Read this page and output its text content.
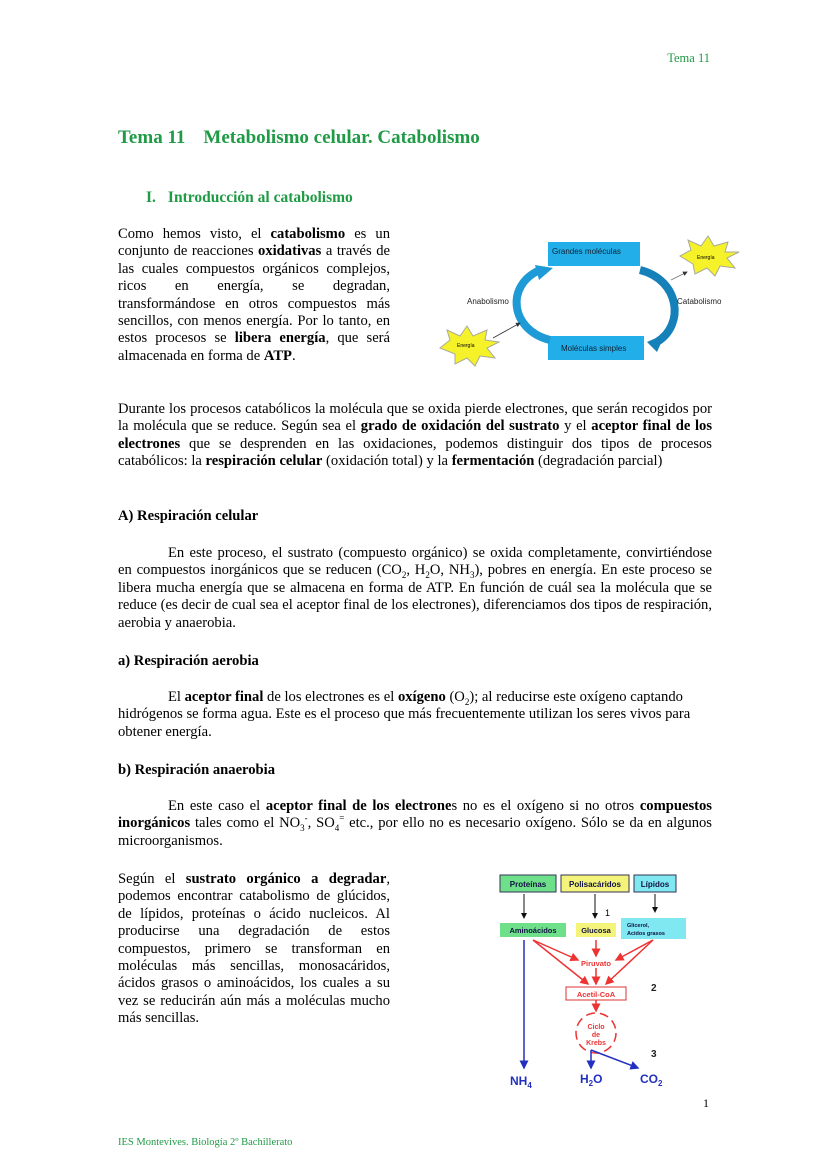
Tema 11
Tema 11 Metabolismo celular. Catabolismo
I. Introducción al catabolismo

Como hemos visto, el catabolismo es un conjunto de reacciones oxidativas a través de las cuales compuestos orgánicos complejos, ricos en energía, se degradan, transformándose en otros compuestos más sencillos, con menos energía. Por lo tanto, en estos procesos se libera energía, que será almacenada en forma de ATP.

Grandes moléculas
Moléculas simples
Anabolismo	Catabolismo
Energía
Energía

Durante los procesos catabólicos la molécula que se oxida pierde electrones, que serán recogidos por la molécula que se reduce. Según sea el grado de oxidación del sustrato y el aceptor final de los electrones que se desprenden en las oxidaciones, podemos distinguir dos tipos de procesos catabólicos: la respiración celular (oxidación total) y la fermentación (degradación parcial)

A) Respiración celular

En este proceso, el sustrato (compuesto orgánico) se oxida completamente, convirtiéndose en compuestos inorgánicos que se reducen ($CO_2$, $H_2O$, $NH_3$), pobres en energía. En este proceso se libera mucha energía que se almacena en forma de ATP. En función de cuál sea la molécula que se reduce (es decir de cual sea el aceptor final de los electrones), diferenciamos dos tipos de respiración, aerobia y anaerobia.

a) Respiración aerobia

El aceptor final de los electrones es el oxígeno $(O_2)$; al reducirse este oxígeno captando hidrógenos se forma agua. Este es el proceso que más frecuentemente utilizan los seres vivos para obtener energía.

b) Respiración anaerobia

En este caso el aceptor final de los electrones no es el oxígeno si no otros compuestos inorgánicos tales como el $NO_3^-$, $SO_4^=$ etc., por ello no es necesario oxígeno. Sólo se da en algunos microorganismos.

Según el sustrato orgánico a degradar, podemos encontrar catabolismo de glúcidos, de lípidos, proteínas o ácido nucleicos. Al producirse una degradación de estos compuestos, primero se transforman en moléculas más sencillas, monosacáridos, ácidos grasos o aminoácidos, los cuales a su vez se reducirán aún más a moléculas mucho más sencillas.

Proteínas	Polisacáridos Lípidos
1
Aminoácidos	Glucosa	Glicerol,
Acidos grasos
Piruvato
Acetil-CoA
2
Ciclo
de
Krebs
3
$NH_4$	$H_2O$	$CO_2$
1
IES Montevives. Biología 2º Bachillerato
